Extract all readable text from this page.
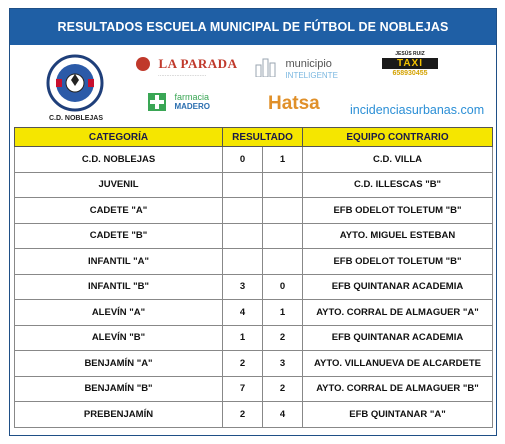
RESULTADOS ESCUELA MUNICIPAL DE FÚTBOL DE NOBLEJAS
C.D. NOBLEJAS
LA PARADA
·····························

farmacia
MADERO

municipio
INTELIGENTE
Hatsa
JESÚS RUIZ
TAXI
658930455
incidenciasurbanas.com
CATEGORÍA	RESULTADO		EQUIPO CONTRARIO
C.D. NOBLEJAS	0	1	C.D. VILLA
JUVENIL			C.D. ILLESCAS "B"
CADETE "A"			EFB ODELOT TOLETUM "B"
CADETE "B"			AYTO. MIGUEL ESTEBAN
INFANTIL "A"			EFB ODELOT TOLETUM "B"
INFANTIL "B"	3	0	EFB QUINTANAR ACADEMIA
ALEVÍN "A"	4	1	AYTO. CORRAL DE ALMAGUER "A"
ALEVÍN "B"	1	2	EFB QUINTANAR ACADEMIA
BENJAMÍN "A"	2	3	AYTO. VILLANUEVA DE ALCARDETE
BENJAMÍN "B"	7	2	AYTO. CORRAL DE ALMAGUER "B"
PREBENJAMÍN	2	4	EFB QUINTANAR "A"
